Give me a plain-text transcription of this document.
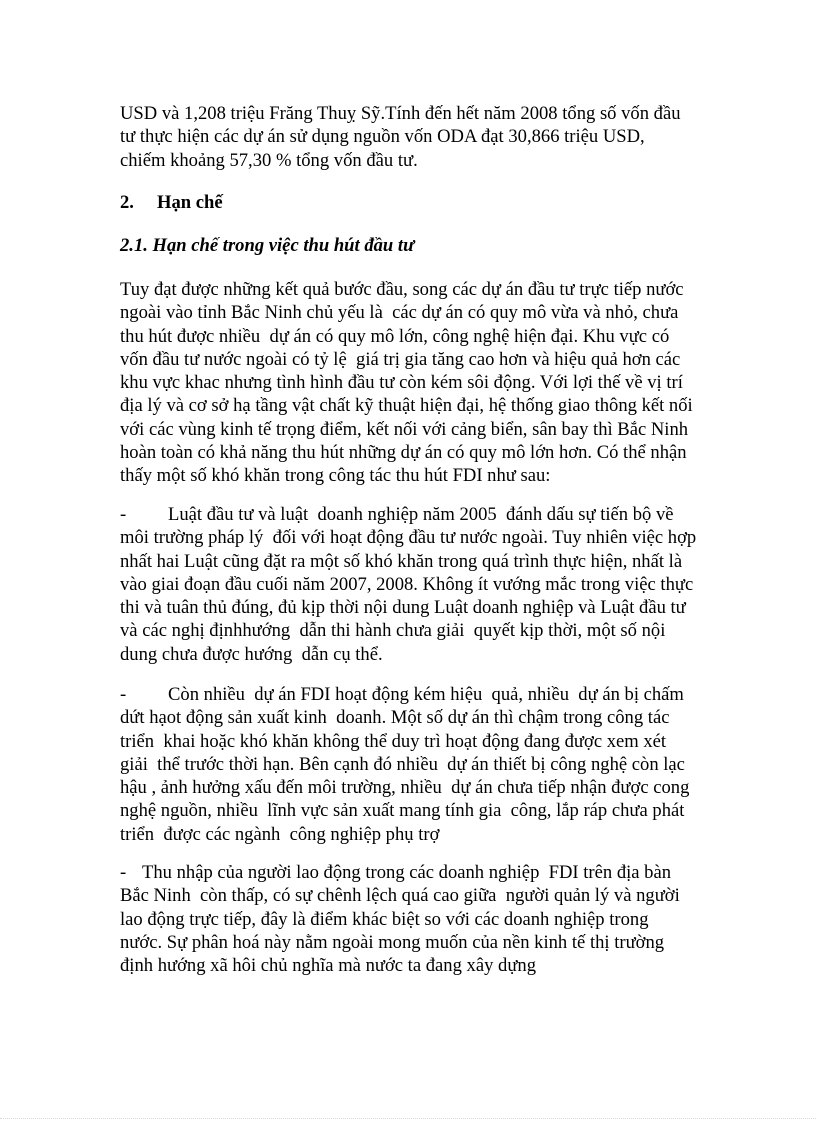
USD và 1,208 triệu Frăng Thuỵ Sỹ.Tính đến hết năm 2008 tổng số vốn đầu
tư thực hiện các dự án sử dụng nguồn vốn ODA đạt 30,866 triệu USD,
chiếm khoảng 57,30 % tổng vốn đầu tư.
2. Hạn chế
2.1. Hạn chế trong việc thu hút đầu tư
Tuy đạt được những kết quả bước đầu, song các dự án đầu tư trực tiếp nước
ngoài vào tỉnh Bắc Ninh chủ yếu là  các dự án có quy mô vừa và nhỏ, chưa
thu hút được nhiều  dự án có quy mô lớn, công nghệ hiện đại. Khu vực có
vốn đầu tư nước ngoài có tỷ lệ  giá trị gia tăng cao hơn và hiệu quả hơn các
khu vực khac nhưng tình hình đầu tư còn kém sôi động. Với lợi thế về vị trí
địa lý và cơ sở hạ tầng vật chất kỹ thuật hiện đại, hệ thống giao thông kết nối
với các vùng kinh tế trọng điểm, kết nối với cảng biển, sân bay thì Bắc Ninh
hoàn toàn có khả năng thu hút những dự án có quy mô lớn hơn. Có thể nhận
thấy một số khó khăn trong công tác thu hút FDI như sau:
- Luật đầu tư và luật  doanh nghiệp năm 2005  đánh dấu sự tiến bộ về
môi trường pháp lý  đối với hoạt động đầu tư nước ngoài. Tuy nhiên việc hợp
nhất hai Luật cũng đặt ra một số khó khăn trong quá trình thực hiện, nhất là
vào giai đoạn đầu cuối năm 2007, 2008. Không ít vướng mắc trong việc thực
thi và tuân thủ đúng, đủ kịp thời nội dung Luật doanh nghiệp và Luật đầu tư
và các nghị địnhhướng  dẫn thi hành chưa giải  quyết kịp thời, một số nội
dung chưa được hướng  dẫn cụ thể.
- Còn nhiều  dự án FDI hoạt động kém hiệu  quả, nhiều  dự án bị chấm
dứt hạot động sản xuất kinh  doanh. Một số dự án thì chậm trong công tác
triển  khai hoặc khó khăn không thể duy trì hoạt động đang được xem xét
giải  thể trước thời hạn. Bên cạnh đó nhiều  dự án thiết bị công nghệ còn lạc
hậu , ảnh hưởng xấu đến môi trường, nhiều  dự án chưa tiếp nhận được cong
nghệ nguồn, nhiều  lĩnh vực sản xuất mang tính gia  công, lắp ráp chưa phát
triển  được các ngành  công nghiệp phụ trợ
- Thu nhập của người lao động trong các doanh nghiệp  FDI trên địa bàn
Bắc Ninh  còn thấp, có sự chênh lệch quá cao giữa  người quản lý và người
lao động trực tiếp, đây là điểm khác biệt so với các doanh nghiệp trong
nước. Sự phân hoá này nằm ngoài mong muốn của nền kinh tế thị trường
định hướng xã hôi chủ nghĩa mà nước ta đang xây dựng
